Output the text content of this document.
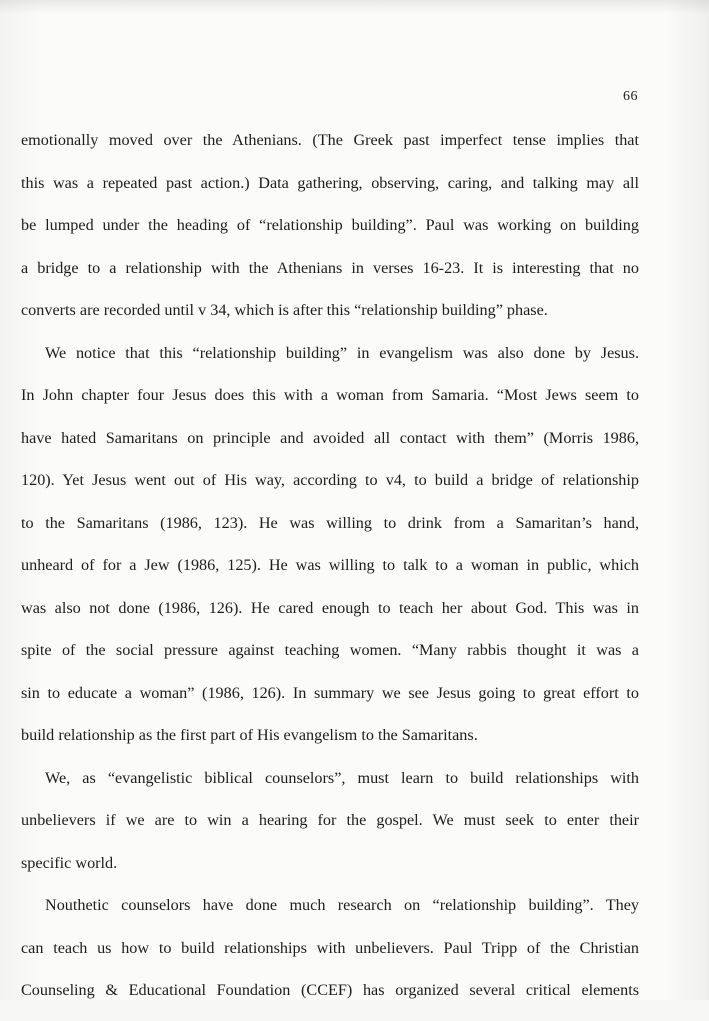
66
emotionally moved over the Athenians. (The Greek past imperfect tense implies that
this was a repeated past action.) Data gathering, observing, caring, and talking may all
be lumped under the heading of “relationship building”. Paul was working on building
a bridge to a relationship with the Athenians in verses 16-23. It is interesting that no
converts are recorded until v 34, which is after this “relationship building” phase.
We notice that this “relationship building” in evangelism was also done by Jesus.
In John chapter four Jesus does this with a woman from Samaria. “Most Jews seem to
have hated Samaritans on principle and avoided all contact with them” (Morris 1986,
120). Yet Jesus went out of His way, according to v4, to build a bridge of relationship
to the Samaritans (1986, 123). He was willing to drink from a Samaritan’s hand,
unheard of for a Jew (1986, 125). He was willing to talk to a woman in public, which
was also not done (1986, 126). He cared enough to teach her about God. This was in
spite of the social pressure against teaching women. “Many rabbis thought it was a
sin to educate a woman” (1986, 126). In summary we see Jesus going to great effort to
build relationship as the first part of His evangelism to the Samaritans.
We, as “evangelistic biblical counselors”, must learn to build relationships with
unbelievers if we are to win a hearing for the gospel. We must seek to enter their
specific world.
Nouthetic counselors have done much research on “relationship building”. They
can teach us how to build relationships with unbelievers. Paul Tripp of the Christian
Counseling & Educational Foundation (CCEF) has organized several critical elements
